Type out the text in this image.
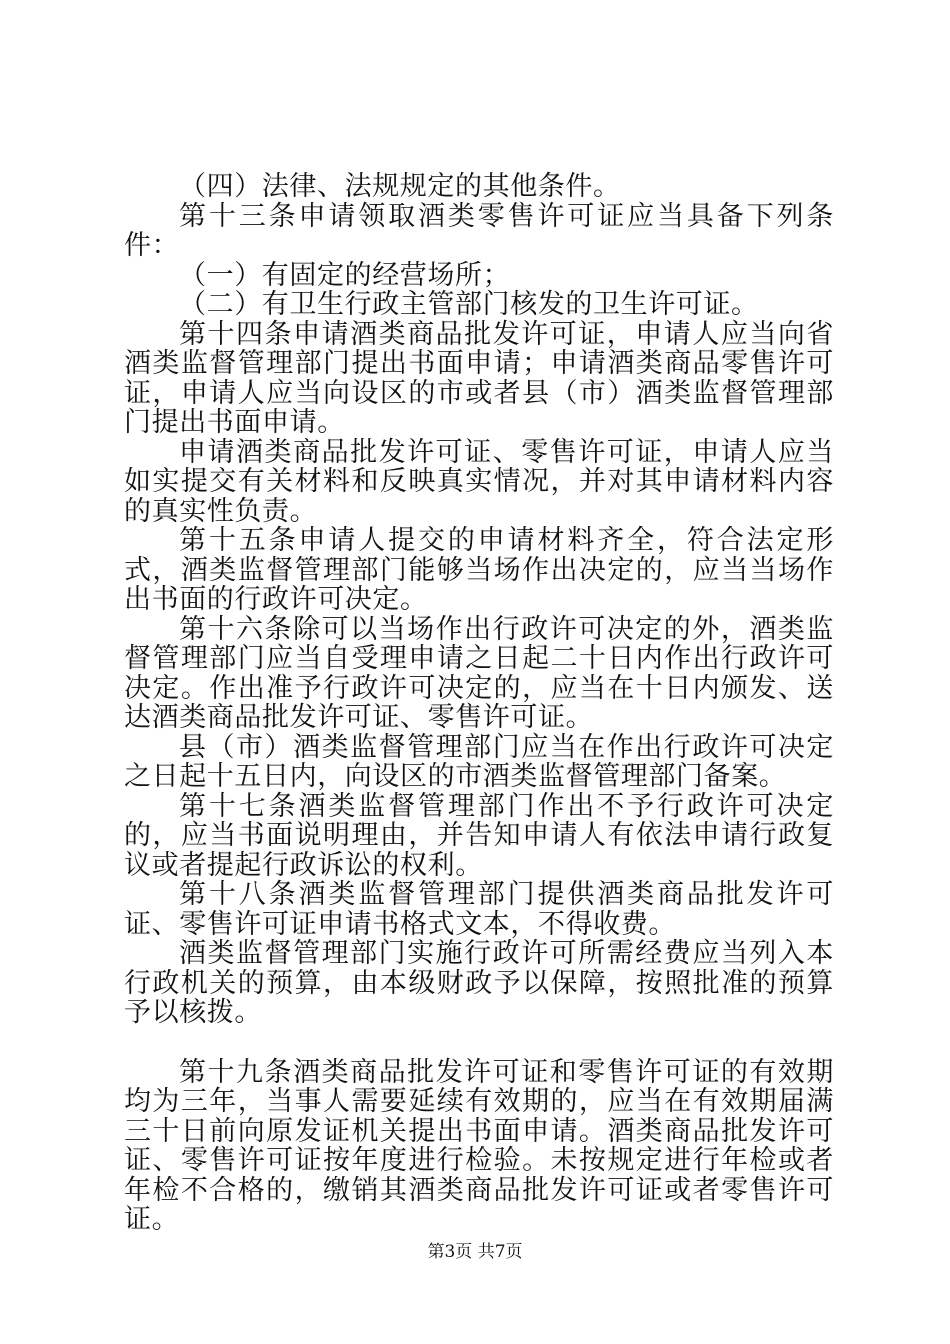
（四）法律、法规规定的其他条件。

第十三条申请领取酒类零售许可证应当具备下列条件：

（一）有固定的经营场所；

（二）有卫生行政主管部门核发的卫生许可证。

第十四条申请酒类商品批发许可证，申请人应当向省酒类监督管理部门提出书面申请；申请酒类商品零售许可证，申请人应当向设区的市或者县（市）酒类监督管理部门提出书面申请。

申请酒类商品批发许可证、零售许可证，申请人应当如实提交有关材料和反映真实情况，并对其申请材料内容的真实性负责。

第十五条申请人提交的申请材料齐全，符合法定形式，酒类监督管理部门能够当场作出决定的，应当当场作出书面的行政许可决定。

第十六条除可以当场作出行政许可决定的外，酒类监督管理部门应当自受理申请之日起二十日内作出行政许可决定。作出准予行政许可决定的，应当在十日内颁发、送达酒类商品批发许可证、零售许可证。

县（市）酒类监督管理部门应当在作出行政许可决定之日起十五日内，向设区的市酒类监督管理部门备案。

第十七条酒类监督管理部门作出不予行政许可决定的，应当书面说明理由，并告知申请人有依法申请行政复议或者提起行政诉讼的权利。

第十八条酒类监督管理部门提供酒类商品批发许可证、零售许可证申请书格式文本，不得收费。

酒类监督管理部门实施行政许可所需经费应当列入本行政机关的预算，由本级财政予以保障，按照批准的预算予以核拨。

第十九条酒类商品批发许可证和零售许可证的有效期均为三年，当事人需要延续有效期的，应当在有效期届满三十日前向原发证机关提出书面申请。酒类商品批发许可证、零售许可证按年度进行检验。未按规定进行年检或者年检不合格的，缴销其酒类商品批发许可证或者零售许可证。

第3页 共7页
